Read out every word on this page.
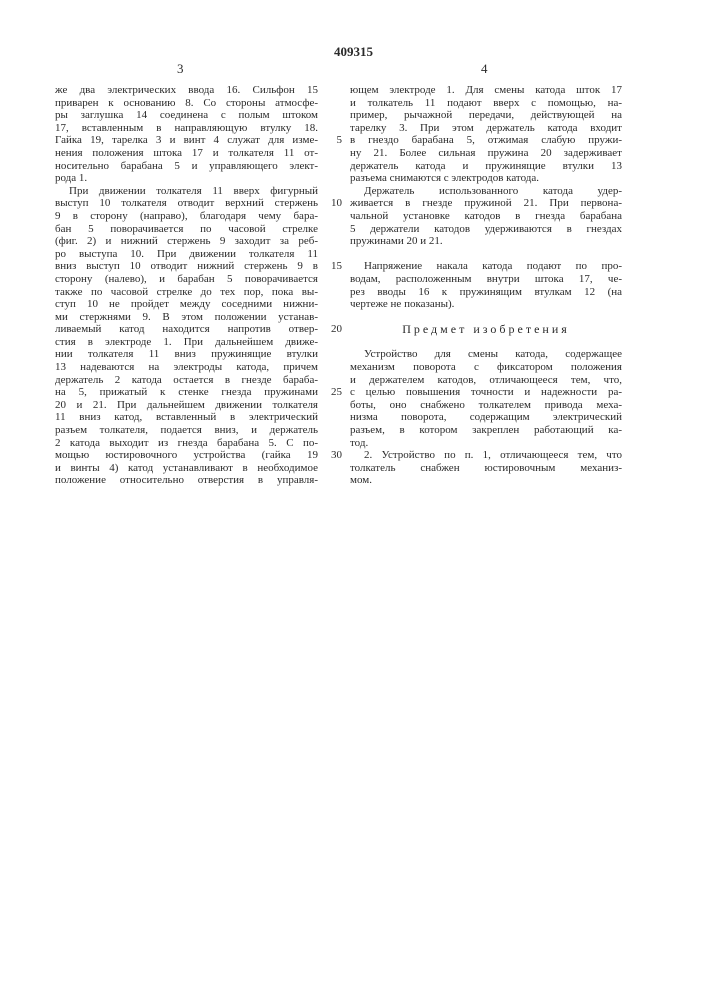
409315
3	4
же два электрических ввода 16. Сильфон 15
приварен к основанию 8. Со стороны атмосфе-
ры заглушка 14 соединена с полым штоком
17, вставленным в направляющую втулку 18.
Гайка 19, тарелка 3 и винт 4 служат для изме-
нения положения штока 17 и толкателя 11 от-
носительно барабана 5 и управляющего элект-
рода 1.
При движении толкателя 11 вверх фигурный
выступ 10 толкателя отводит верхний стержень
9 в сторону (направо), благодаря чему бара-
бан 5 поворачивается по часовой стрелке
(фиг. 2) и нижний стержень 9 заходит за реб-
ро выступа 10. При движении толкателя 11
вниз выступ 10 отводит нижний стержень 9 в
сторону (налево), и барабан 5 поворачивается
также по часовой стрелке до тех пор, пока вы-
ступ 10 не пройдет между соседними нижни-
ми стержнями 9. В этом положении устанав-
ливаемый катод находится напротив отвер-
стия в электроде 1. При дальнейшем движе-
нии толкателя 11 вниз пружинящие втулки
13 надеваются на электроды катода, причем
держатель 2 катода остается в гнезде бараба-
на 5, прижатый к стенке гнезда пружинами
20 и 21. При дальнейшем движении толкателя
11 вниз катод, вставленный в электрический
разъем толкателя, подается вниз, и держатель
2 катода выходит из гнезда барабана 5. С по-
мощью юстировочного устройства (гайка 19
и винты 4) катод устанавливают в необходимое
положение относительно отверстия в управля-
5
10
15
20
25
30
ющем электроде 1. Для смены катода шток 17
и толкатель 11 подают вверх с помощью, на-
пример, рычажной передачи, действующей на
тарелку 3. При этом держатель катода входит
в гнездо барабана 5, отжимая слабую пружи-
ну 21. Более сильная пружина 20 задерживает
держатель катода и пружинящие втулки 13
разъема снимаются с электродов катода.
Держатель использованного катода удер-
живается в гнезде пружиной 21. При первона-
чальной установке катодов в гнезда барабана
5 держатели катодов удерживаются в гнездах
пружинами 20 и 21.

Напряжение накала катода подают по про-
водам, расположенным внутри штока 17, че-
рез вводы 16 к пружинящим втулкам 12 (на
чертеже не показаны).

Предмет изобретения

Устройство для смены катода, содержащее
механизм поворота с фиксатором положения
и держателем катодов, отличающееся тем, что,
с целью повышения точности и надежности ра-
боты, оно снабжено толкателем привода меха-
низма поворота, содержащим электрический
разъем, в котором закреплен работающий ка-
тод.
2. Устройство по п. 1, отличающееся тем, что
толкатель снабжен юстировочным механиз-
мом.
